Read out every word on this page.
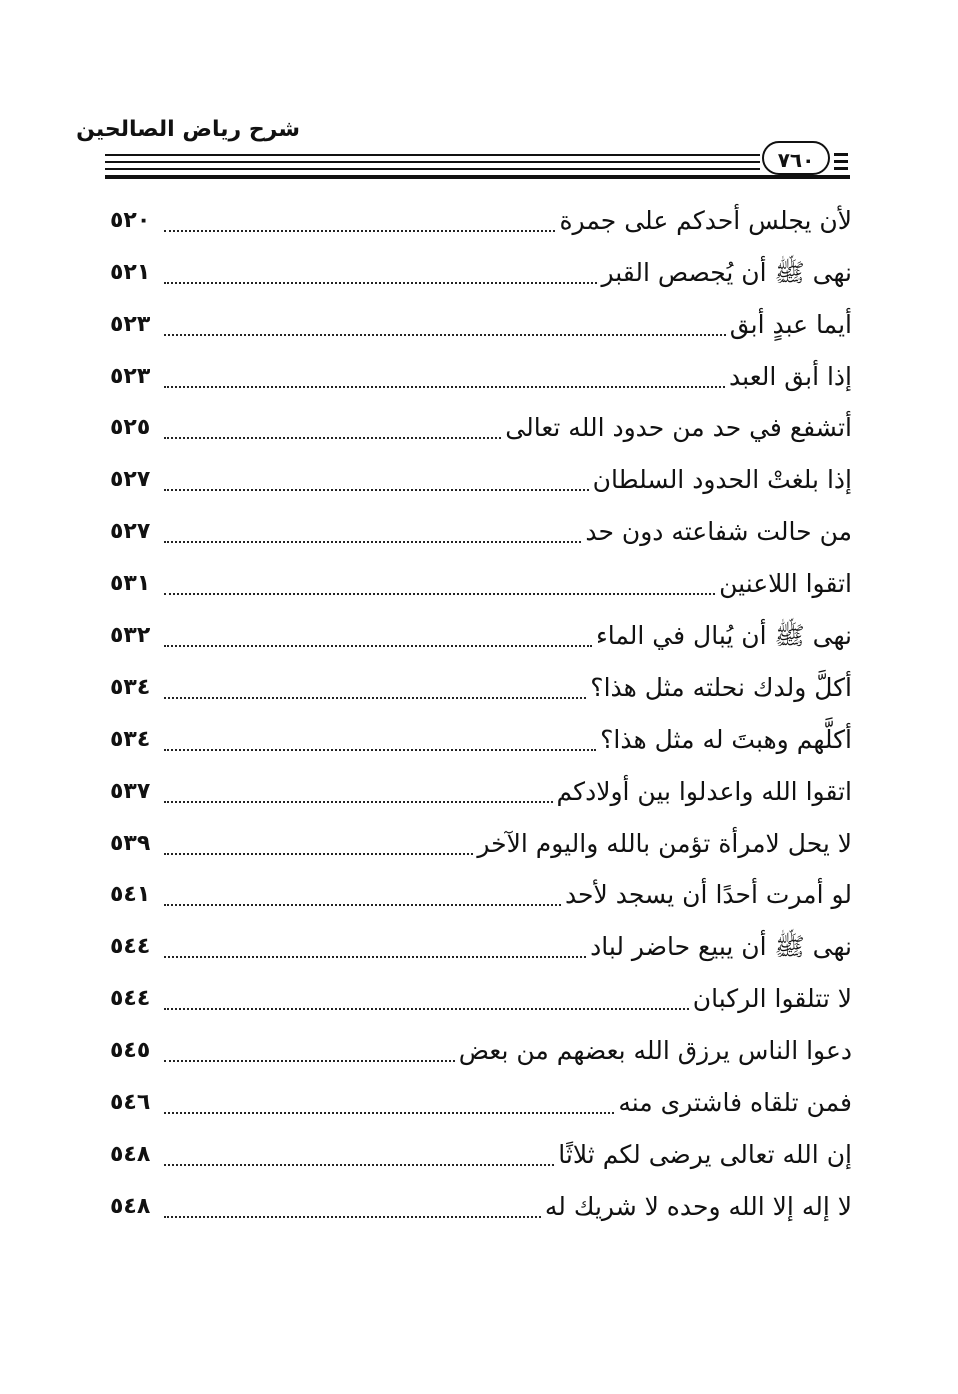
شرح رياض الصالحين
٧٦٠
لأن يجلس أحدكم على جمرة
٥٢٠
نهى ﷺ أن يُجصص القبر
٥٢١
أيما عبدٍ أبق
٥٢٣
إذا أبق العبد
٥٢٣
أتشفع في حد من حدود الله تعالى
٥٢٥
إذا بلغتْ الحدود السلطان
٥٢٧
من حالت شفاعته دون حد
٥٢٧
اتقوا اللاعنين
٥٣١
نهى ﷺ أن يُبال في الماء
٥٣٢
أكلَّ ولدك نحلته مثل هذا؟
٥٣٤
أكلَّهم وهبتَ له مثل هذا؟
٥٣٤
اتقوا الله واعدلوا بين أولادكم
٥٣٧
لا يحل لامرأة تؤمن بالله واليوم الآخر
٥٣٩
لو أمرت أحدًا أن يسجد لأحد
٥٤١
نهى ﷺ أن يبيع حاضر لباد
٥٤٤
لا تتلقوا الركبان
٥٤٤
دعوا الناس يرزق الله بعضهم من بعض
٥٤٥
فمن تلقاه فاشترى منه
٥٤٦
إن الله تعالى يرضى لكم ثلاثًا
٥٤٨
لا إله إلا الله وحده لا شريك له
٥٤٨
